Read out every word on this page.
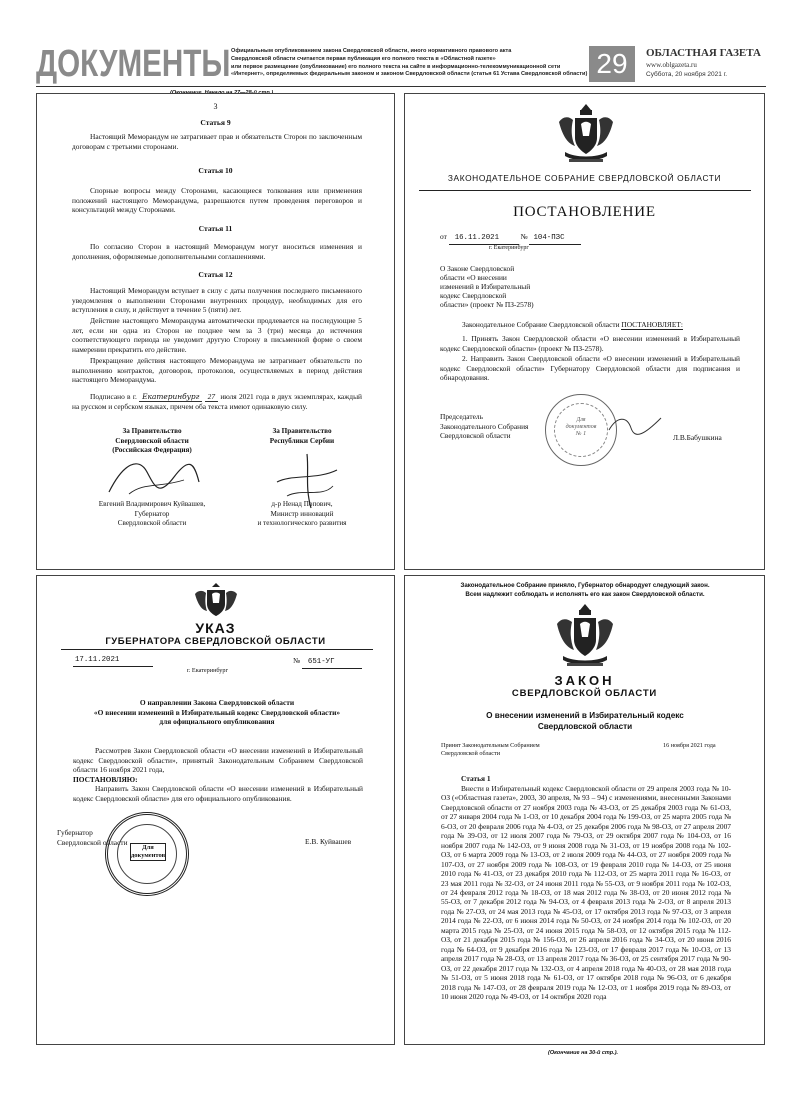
ДОКУМЕНТЫ Официальным опубликованием закона Свердловской области, иного нормативного правового акта
Свердловской области считается первая публикация его полного текста в «Областной газете»
или первое размещение (опубликование) его полного текста на сайте в информационно-телекоммуникационной сети
«Интернет», определяемых федеральным законом и законом Свердловской области (статья 61 Устава Свердловской области) 29	ОБЛАСТНАЯ ГАЗЕТА
www.oblgazeta.ru
Суббота, 20 ноября 2021 г.
3
Статья 9
Настоящий Меморандум не затрагивает прав и обязательств Сторон по заключенным договорам с третьими сторонами.
Статья 10
Спорные вопросы между Сторонами, касающиеся толкования или применения положений настоящего Меморандума, разрешаются путем проведения переговоров и консультаций между Сторонами.
Статья 11
По согласию Сторон в настоящий Меморандум могут вноситься изменения и дополнения, оформляемые дополнительными соглашениями.
Статья 12
Настоящий Меморандум вступает в силу с даты получения последнего письменного уведомления о выполнении Сторонами внутренних процедур, необходимых для его вступления в силу, и действует в течение 5 (пяти) лет.
Действие настоящего Меморандума автоматически продлевается на последующие 5 лет, если ни одна из Сторон не позднее чем за 3 (три) месяца до истечения соответствующего периода не уведомит другую Сторону в письменной форме о своем намерении прекратить его действие.
Прекращение действия настоящего Меморандума не затрагивает обязательств по выполнению контрактов, договоров, протоколов, осуществляемых в период действия настоящего Меморандума.
Подписано в г. Екатеринбург 27 июля 2021 года в двух экземплярах, каждый на русском и сербском языках, причем оба текста имеют одинаковую силу.
За Правительство
Свердловской области
(Российская Федерация)
За Правительство
Республики Сербии
Евгений Владимирович Куйвашев,
Губернатор
Свердловской области
д-р Ненад Попович,
Министр инноваций
и технологического развития
ЗАКОНОДАТЕЛЬНОЕ СОБРАНИЕ СВЕРДЛОВСКОЙ ОБЛАСТИ
ПОСТАНОВЛЕНИЕ
от 16.11.2021	№ 104-ПЗС
г. Екатеринбург
О Законе Свердловской
области «О внесении
изменений в Избирательный
кодекс Свердловской
области» (проект № ПЗ-2578)
Законодательное Собрание Свердловской области ПОСТАНОВЛЯЕТ:
1. Принять Закон Свердловской области «О внесении изменений в Избирательный кодекс Свердловской области» (проект № ПЗ-2578).
2. Направить Закон Свердловской области «О внесении изменений в Избирательный кодекс Свердловской области» Губернатору Свердловской области для подписания и обнародования.
Председатель
Законодательного Собрания
Свердловской области
Для
документов
№ 1	Л.В.Бабушкина
УКАЗ
ГУБЕРНАТОРА СВЕРДЛОВСКОЙ ОБЛАСТИ
17.11.2021	№ 651-УГ
г. Екатеринбург
О направлении Закона Свердловской области
«О внесении изменений в Избирательный кодекс Свердловской области»
для официального опубликования
Рассмотрев Закон Свердловской области «О внесении изменений в Избирательный кодекс Свердловской области», принятый Законодательным Собранием Свердловской области 16 ноября 2021 года,
ПОСТАНОВЛЯЮ:
Направить Закон Свердловской области «О внесении изменений в Избирательный кодекс Свердловской области» для его официального опубликования.
Губернатор
Свердловской области
Для
документов
Е.В. Куйвашев
Законодательное Собрание приняло, Губернатор обнародует следующий закон.
Всем надлежит соблюдать и исполнять его как закон Свердловской области.
ЗАКОН
СВЕРДЛОВСКОЙ ОБЛАСТИ
О внесении изменений в Избирательный кодекс
Свердловской области
Принят Законодательным Собранием
Свердловской области
16 ноября 2021 года
Статья 1
Внести в Избирательный кодекс Свердловской области от 29 апреля 2003 года № 10-ОЗ («Областная газета», 2003, 30 апреля, № 93 – 94) с изменениями, внесенными Законами Свердловской области от 27 ноября 2003 года № 43-ОЗ, от 25 декабря 2003 года № 61-ОЗ, от 27 января 2004 года № 1-ОЗ, от 10 декабря 2004 года № 199-ОЗ, от 25 марта 2005 года № 6-ОЗ, от 20 февраля 2006 года № 4-ОЗ, от 25 декабря 2006 года № 98-ОЗ, от 27 апреля 2007 года № 39-ОЗ, от 12 июля 2007 года № 79-ОЗ, от 29 октября 2007 года № 104-ОЗ, от 16 ноября 2007 года № 142-ОЗ, от 9 июня 2008 года № 31-ОЗ, от 19 ноября 2008 года № 102-ОЗ, от 6 марта 2009 года № 13-ОЗ, от 2 июля 2009 года № 44-ОЗ, от 27 ноября 2009 года № 107-ОЗ, от 27 ноября 2009 года № 108-ОЗ, от 19 февраля 2010 года № 14-ОЗ, от 25 июня 2010 года № 41-ОЗ, от 23 декабря 2010 года № 112-ОЗ, от 25 марта 2011 года № 16-ОЗ, от 23 мая 2011 года № 32-ОЗ, от 24 июня 2011 года № 55-ОЗ, от 9 ноября 2011 года № 102-ОЗ, от 24 февраля 2012 года № 18-ОЗ, от 18 мая 2012 года № 38-ОЗ, от 20 июня 2012 года № 55-ОЗ, от 7 декабря 2012 года № 94-ОЗ, от 4 февраля 2013 года № 2-ОЗ, от 8 апреля 2013 года № 27-ОЗ, от 24 мая 2013 года № 45-ОЗ, от 17 октября 2013 года № 97-ОЗ, от 3 апреля 2014 года № 22-ОЗ, от 6 июня 2014 года № 50-ОЗ, от 24 ноября 2014 года № 102-ОЗ, от 20 марта 2015 года № 25-ОЗ, от 24 июня 2015 года № 58-ОЗ, от 12 октября 2015 года № 112-ОЗ, от 21 декабря 2015 года № 156-ОЗ, от 26 апреля 2016 года № 34-ОЗ, от 20 июня 2016 года № 64-ОЗ, от 9 декабря 2016 года № 123-ОЗ, от 17 февраля 2017 года № 10-ОЗ, от 13 апреля 2017 года № 28-ОЗ, от 13 апреля 2017 года № 36-ОЗ, от 25 сентября 2017 года № 90-ОЗ, от 22 декабря 2017 года № 132-ОЗ, от 4 апреля 2018 года № 40-ОЗ, от 28 мая 2018 года № 51-ОЗ, от 5 июня 2018 года № 61-ОЗ, от 17 октября 2018 года № 96-ОЗ, от 6 декабря 2018 года № 147-ОЗ, от 28 февраля 2019 года № 12-ОЗ, от 1 ноября 2019 года № 89-ОЗ, от 10 июня 2020 года № 49-ОЗ, от 14 октября 2020 года
(Окончание на 30-й стр.).
